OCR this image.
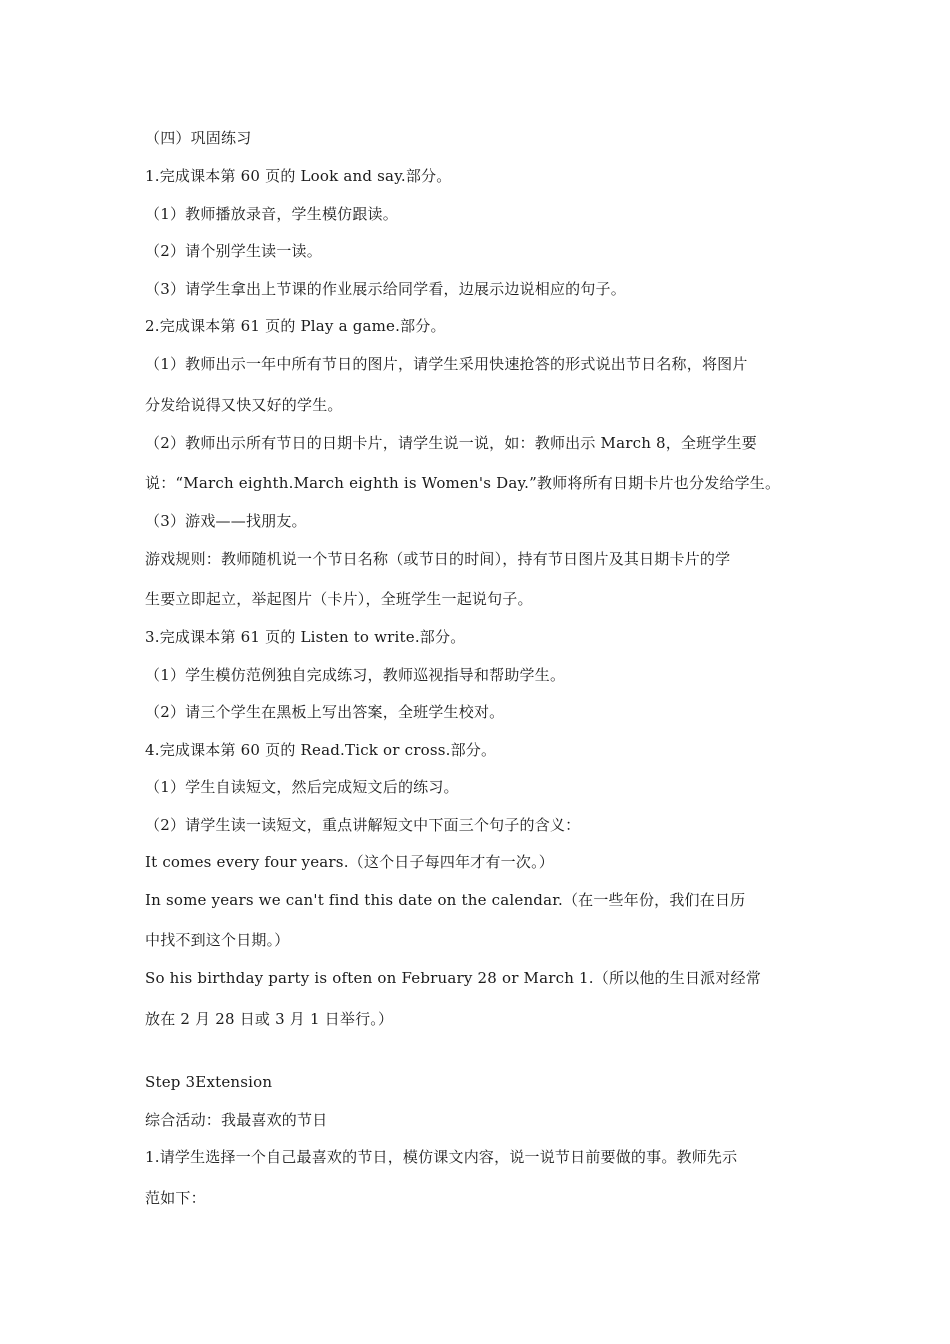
（四）巩固练习
1.完成课本第 60 页的 Look and say.部分。
（1）教师播放录音，学生模仿跟读。
（2）请个别学生读一读。
（3）请学生拿出上节课的作业展示给同学看，边展示边说相应的句子。
2.完成课本第 61 页的 Play a game.部分。
（1）教师出示一年中所有节日的图片，请学生采用快速抢答的形式说出节日名称，将图片
分发给说得又快又好的学生。
（2）教师出示所有节日的日期卡片，请学生说一说，如：教师出示 March 8，全班学生要
说：“March eighth.March eighth is Women's Day.”教师将所有日期卡片也分发给学生。
（3）游戏——找朋友。
游戏规则：教师随机说一个节日名称（或节日的时间），持有节日图片及其日期卡片的学
生要立即起立，举起图片（卡片），全班学生一起说句子。
3.完成课本第 61 页的 Listen to write.部分。
（1）学生模仿范例独自完成练习，教师巡视指导和帮助学生。
（2）请三个学生在黑板上写出答案，全班学生校对。
4.完成课本第 60 页的 Read.Tick or cross.部分。
（1）学生自读短文，然后完成短文后的练习。
（2）请学生读一读短文，重点讲解短文中下面三个句子的含义：
It comes every four years.（这个日子每四年才有一次。）
In some years we can't find this date on the calendar.（在一些年份，我们在日历
中找不到这个日期。）
So his birthday party is often on February 28 or March 1.（所以他的生日派对经常
放在 2 月 28 日或 3 月 1 日举行。）
Step 3Extension
综合活动：我最喜欢的节日
1.请学生选择一个自己最喜欢的节日，模仿课文内容，说一说节日前要做的事。教师先示
范如下：
